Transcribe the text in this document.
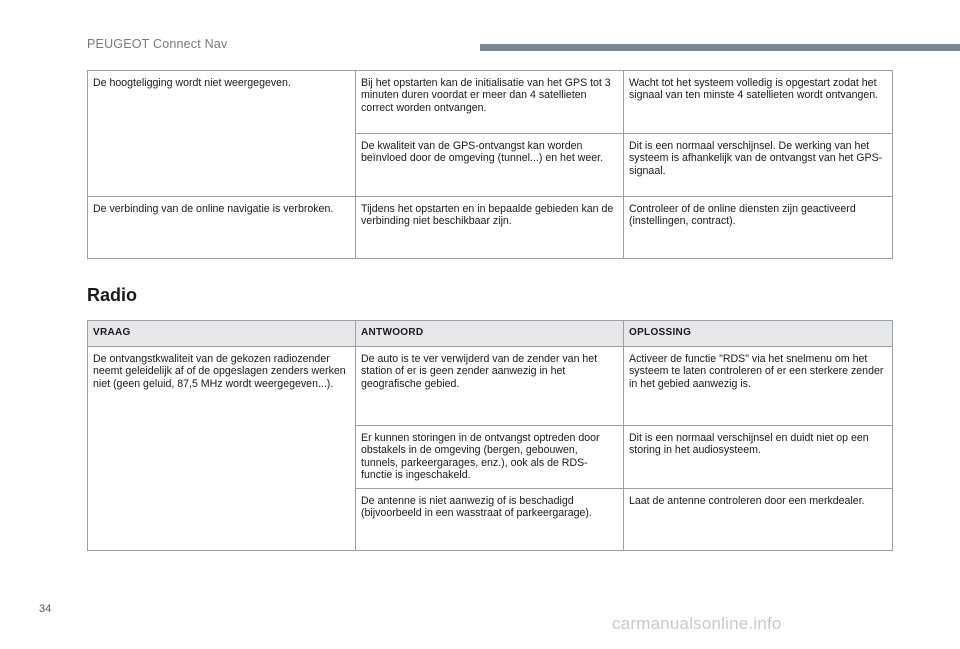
PEUGEOT Connect Nav
De hoogteligging wordt niet weergegeven.	Bij het opstarten kan de initialisatie van het GPS tot 3 minuten duren voordat er meer dan 4 satellieten correct worden ontvangen.	Wacht tot het systeem volledig is opgestart zodat het signaal van ten minste 4 satellieten wordt ontvangen.
	De kwaliteit van de GPS-ontvangst kan worden beïnvloed door de omgeving (tunnel...) en het weer.	Dit is een normaal verschijnsel. De werking van het systeem is afhankelijk van de ontvangst van het GPS-signaal.
De verbinding van de online navigatie is verbroken.	Tijdens het opstarten en in bepaalde gebieden kan de verbinding niet beschikbaar zijn.	Controleer of de online diensten zijn geactiveerd (instellingen, contract).
Radio
VRAAG	ANTWOORD	OPLOSSING
De ontvangstkwaliteit van de gekozen radiozender neemt geleidelijk af of de opgeslagen zenders werken niet (geen geluid, 87,5 MHz wordt weergegeven...).	De auto is te ver verwijderd van de zender van het station of er is geen zender aanwezig in het geografische gebied.	Activeer de functie "RDS" via het snelmenu om het systeem te laten controleren of er een sterkere zender in het gebied aanwezig is.
	Er kunnen storingen in de ontvangst optreden door obstakels in de omgeving (bergen, gebouwen, tunnels, parkeergarages, enz.), ook als de RDS-functie is ingeschakeld.	Dit is een normaal verschijnsel en duidt niet op een storing in het audiosysteem.
	De antenne is niet aanwezig of is beschadigd (bijvoorbeeld in een wasstraat of parkeergarage).	Laat de antenne controleren door een merkdealer.
34
carmanualsonline.info
